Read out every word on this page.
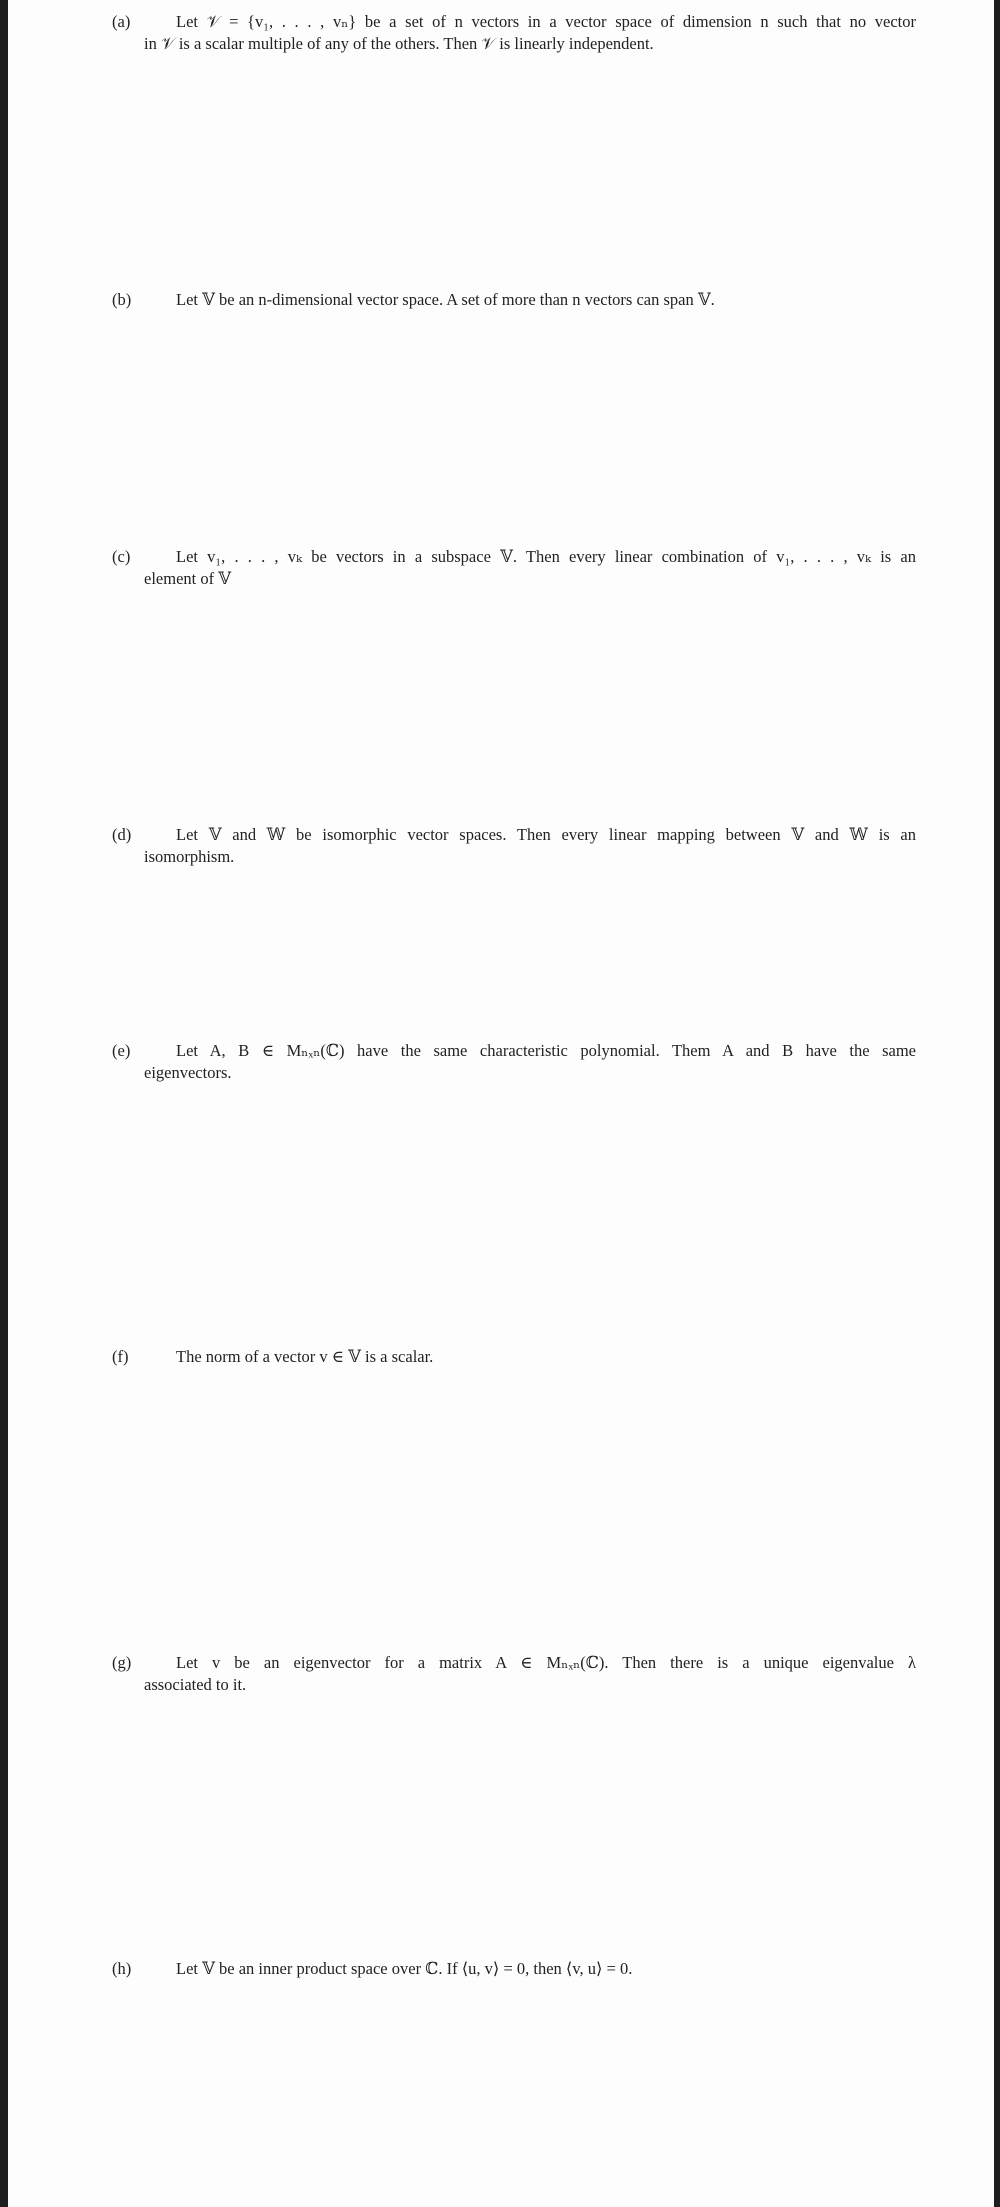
(a)	Let 𝒱 = {v₁, . . . , vₙ} be a set of n vectors in a vector space of dimension n such that no vector
in 𝒱 is a scalar multiple of any of the others. Then 𝒱 is linearly independent.
(b)	Let 𝕍 be an n-dimensional vector space. A set of more than n vectors can span 𝕍.
(c)	Let v₁, . . . , vₖ be vectors in a subspace 𝕍. Then every linear combination of v₁, . . . , vₖ is an
element of 𝕍
(d)	Let 𝕍 and 𝕎 be isomorphic vector spaces. Then every linear mapping between 𝕍 and 𝕎 is an
isomorphism.
(e)	Let A, B ∈ Mₙₓₙ(ℂ) have the same characteristic polynomial. Them A and B have the same
eigenvectors.
(f)	The norm of a vector v ∈ 𝕍 is a scalar.
(g)	Let v be an eigenvector for a matrix A ∈ Mₙₓₙ(ℂ). Then there is a unique eigenvalue λ
associated to it.
(h)	Let 𝕍 be an inner product space over ℂ. If ⟨u, v⟩ = 0, then ⟨v, u⟩ = 0.
